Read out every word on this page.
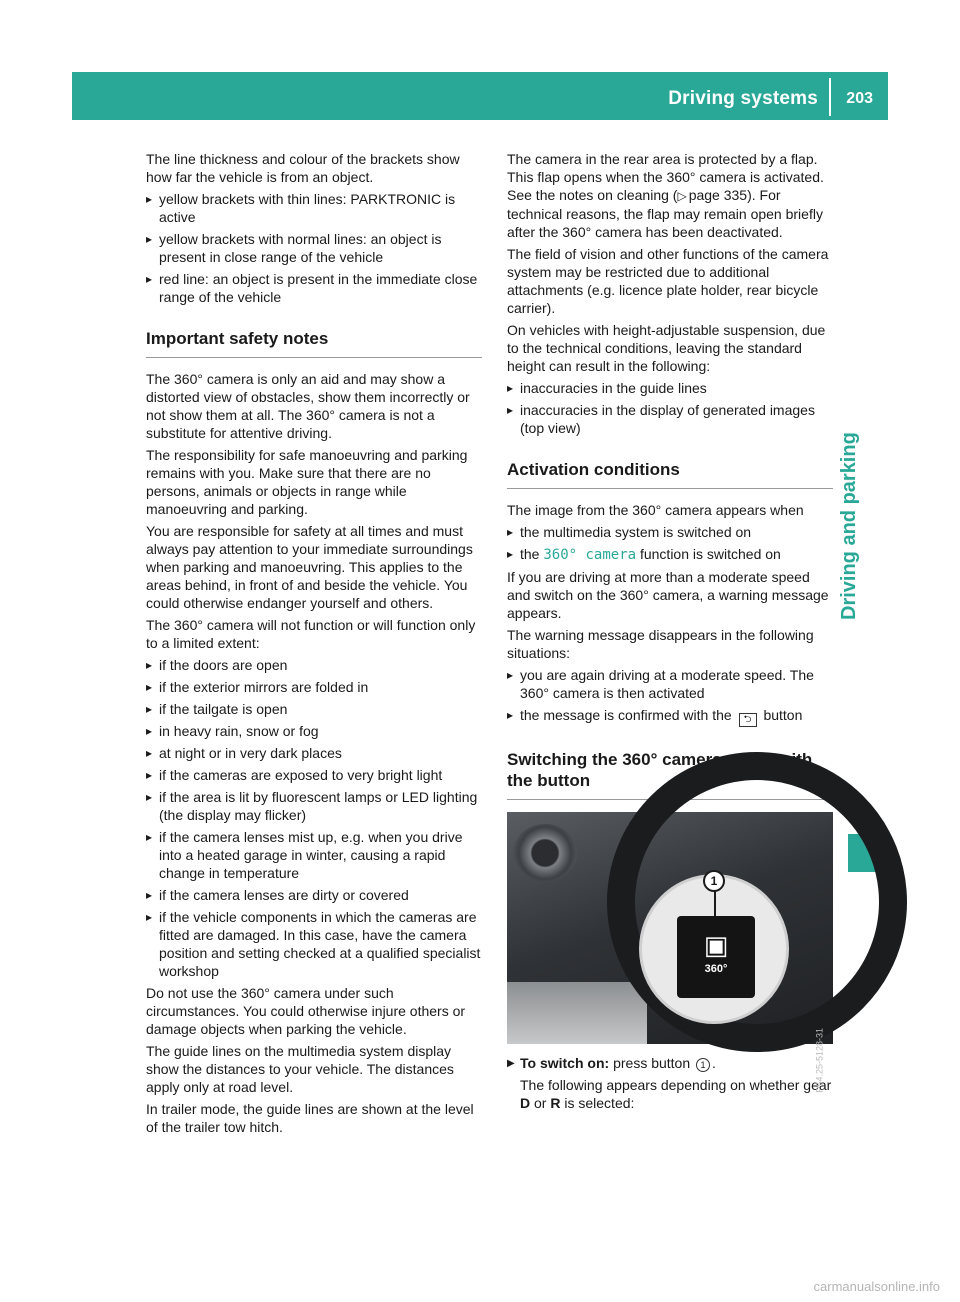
Driving systems 203
Driving and parking

The line thickness and colour of the brackets show how far the vehicle is from an object.

▸ yellow brackets with thin lines: PARKTRONIC is active
▸ yellow brackets with normal lines: an object is present in close range of the vehicle
▸ red line: an object is present in the immediate close range of the vehicle
Important safety notes

The 360° camera is only an aid and may show a distorted view of obstacles, show them incorrectly or not show them at all. The 360° camera is not a substitute for attentive driving.

The responsibility for safe manoeuvring and parking remains with you. Make sure that there are no persons, animals or objects in range while manoeuvring and parking.

You are responsible for safety at all times and must always pay attention to your immediate surroundings when parking and manoeuvring. This applies to the areas behind, in front of and beside the vehicle. You could otherwise endanger yourself and others.

The 360° camera will not function or will function only to a limited extent:

▸ if the doors are open
▸ if the exterior mirrors are folded in
▸ if the tailgate is open
▸ in heavy rain, snow or fog
▸ at night or in very dark places
▸ if the cameras are exposed to very bright light
▸ if the area is lit by fluorescent lamps or LED lighting (the display may flicker)
▸ if the camera lenses mist up, e.g. when you drive into a heated garage in winter, causing a rapid change in temperature
▸ if the camera lenses are dirty or covered
▸ if the vehicle components in which the cameras are fitted are damaged. In this case, have the camera position and setting checked at a qualified specialist workshop

Do not use the 360° camera under such circumstances. You could otherwise injure others or damage objects when parking the vehicle.

The guide lines on the multimedia system display show the distances to your vehicle. The distances apply only at road level.

In trailer mode, the guide lines are shown at the level of the trailer tow hitch.

The camera in the rear area is protected by a flap. This flap opens when the 360° camera is activated. See the notes on cleaning (▷ page 335). For technical reasons, the flap may remain open briefly after the 360° camera has been deactivated.

The field of vision and other functions of the camera system may be restricted due to additional attachments (e.g. licence plate holder, rear bicycle carrier).

On vehicles with height-adjustable suspension, due to the technical conditions, leaving the standard height can result in the following:

▸ inaccuracies in the guide lines
▸ inaccuracies in the display of generated images (top view)
Activation conditions

The image from the 360° camera appears when

▸ the multimedia system is switched on
▸ the 360° camera function is switched on

If you are driving at more than a moderate speed and switch on the 360° camera, a warning message appears.

The warning message disappears in the following situations:

▸ you are again driving at a moderate speed. The 360° camera is then activated
▸ the message is confirmed with the ⮌ button
Switching the 360° camera on/off with the button
1
▣
360°
P54.25-5128-31
▶ To switch on: press button 1 .

The following appears depending on whether gear D or R is selected:

carmanualsonline.info
